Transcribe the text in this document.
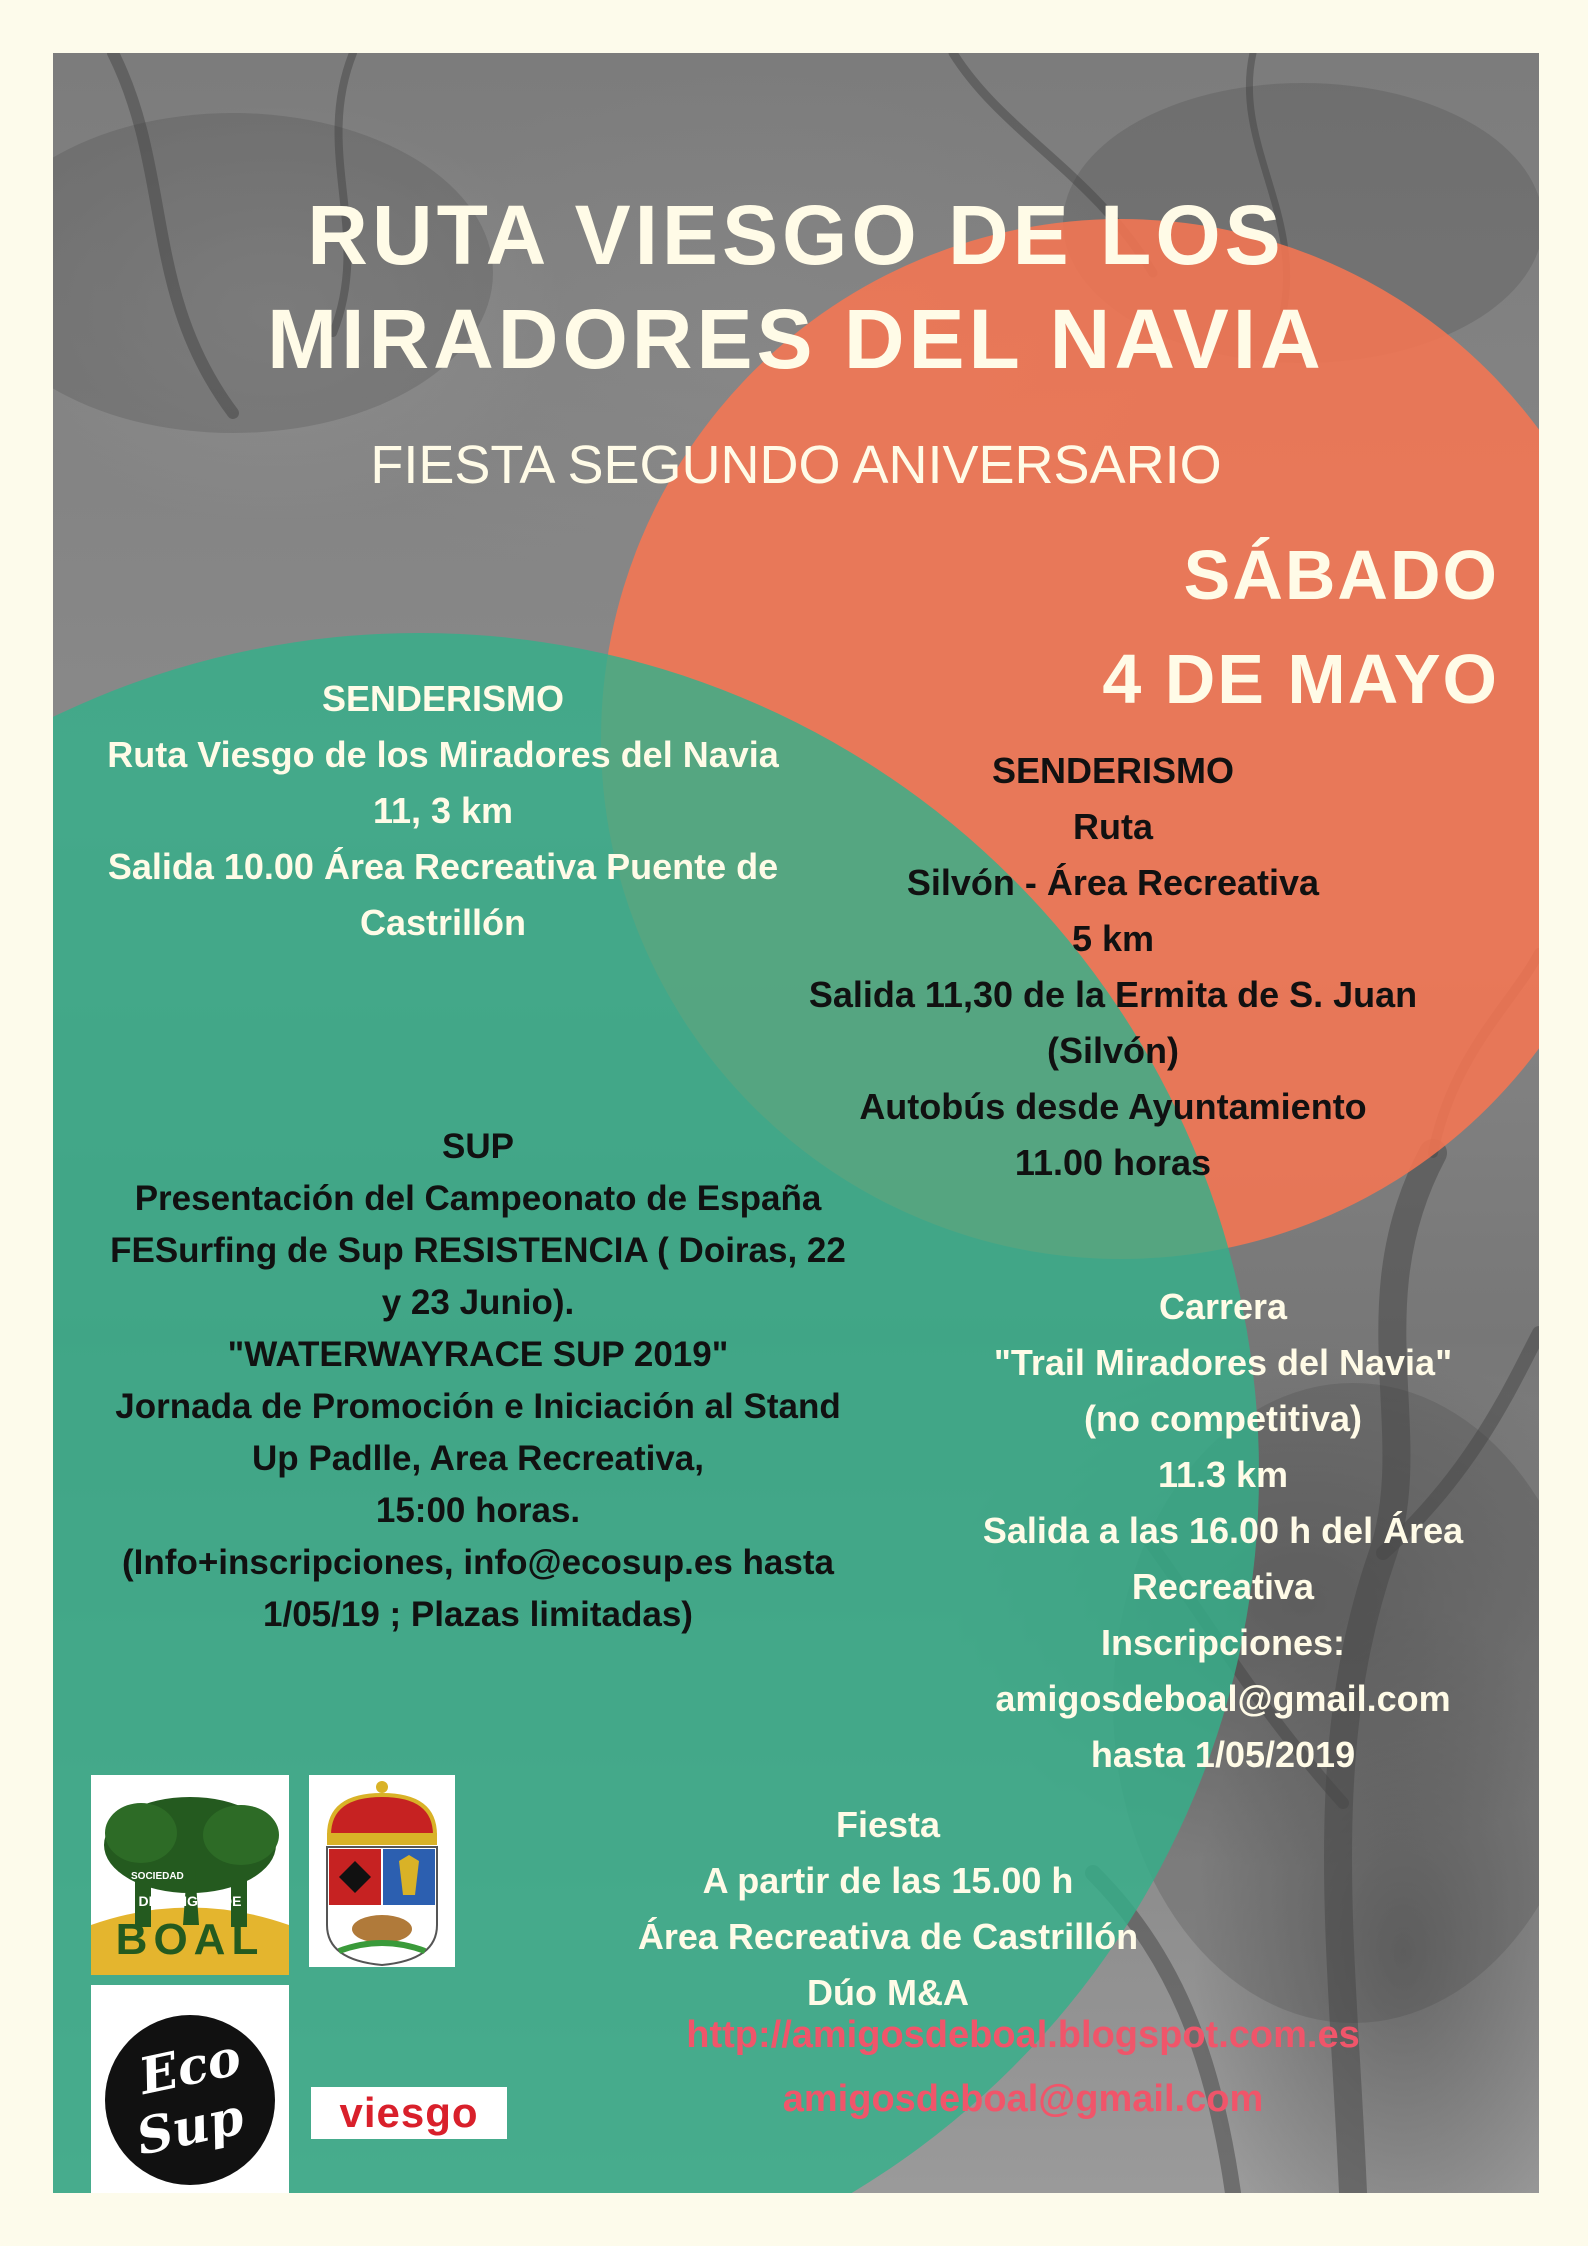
RUTA VIESGO DE LOS
MIRADORES DEL NAVIA
FIESTA SEGUNDO ANIVERSARIO
SÁBADO
4 DE MAYO
SENDERISMO
Ruta Viesgo de los Miradores del Navia
11, 3 km
Salida 10.00 Área Recreativa Puente de
Castrillón
SENDERISMO
Ruta
Silvón - Área Recreativa
5 km
Salida 11,30 de la Ermita de S. Juan
(Silvón)
Autobús desde Ayuntamiento
11.00 horas
SUP
Presentación del Campeonato de España
FESurfing de Sup RESISTENCIA ( Doiras, 22
y 23 Junio).
"WATERWAYRACE SUP 2019"
Jornada de Promoción e Iniciación al Stand
Up Padlle, Area Recreativa,
15:00 horas.
(Info+inscripciones, info@ecosup.es hasta
1/05/19 ; Plazas limitadas)
Carrera
"Trail Miradores del Navia"
(no competitiva)
11.3 km
Salida a las 16.00 h del Área
Recreativa
Inscripciones:
amigosdeboal@gmail.com
hasta 1/05/2019
Fiesta
A partir de las 15.00 h
Área Recreativa de Castrillón
Dúo M&A
http://amigosdeboal.blogspot.com.es
amigosdeboal@gmail.com
SOCIEDAD
DE AMIGOS DE
BOAL
Eco
Sup	viesgo
